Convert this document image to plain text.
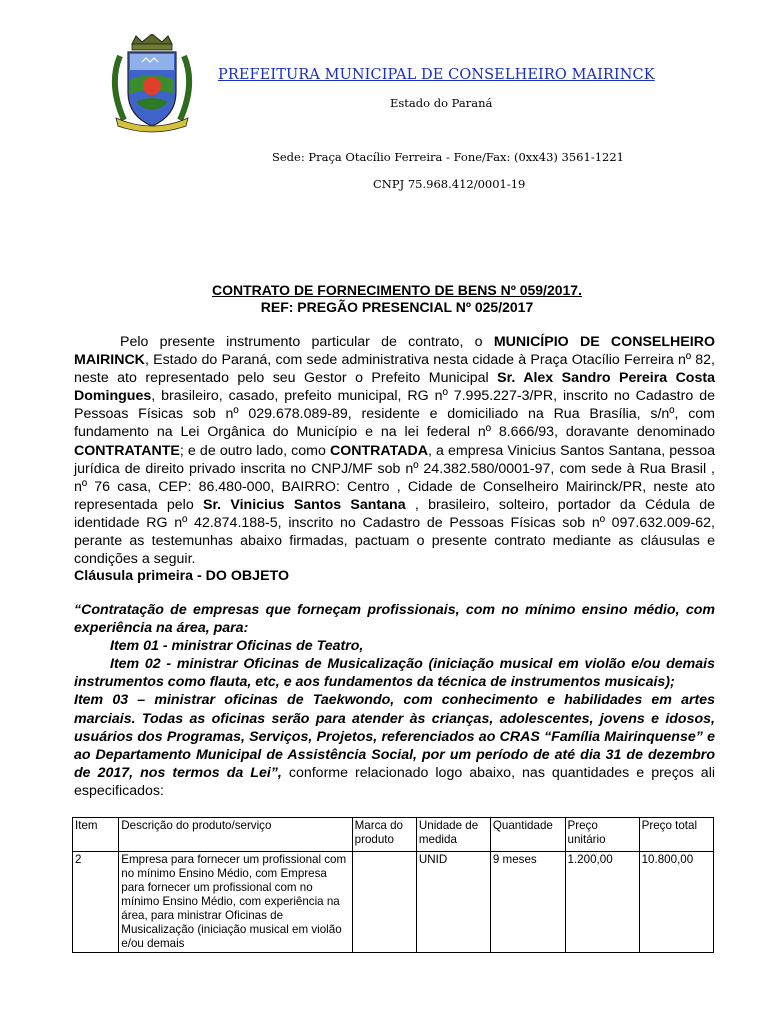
PREFEITURA MUNICIPAL DE CONSELHEIRO MAIRINCK
Estado do Paraná
Sede: Praça Otacílio Ferreira - Fone/Fax: (0xx43) 3561-1221
CNPJ 75.968.412/0001-19
CONTRATO DE FORNECIMENTO DE BENS Nº 059/2017.
REF: PREGÃO PRESENCIAL Nº 025/2017
Pelo presente instrumento particular de contrato, o MUNICÍPIO DE CONSELHEIRO MAIRINCK, Estado do Paraná, com sede administrativa nesta cidade à Praça Otacílio Ferreira nº 82, neste ato representado pelo seu Gestor o Prefeito Municipal Sr. Alex Sandro Pereira Costa Domingues, brasileiro, casado, prefeito municipal, RG nº 7.995.227-3/PR, inscrito no Cadastro de Pessoas Físicas sob nº 029.678.089-89, residente e domiciliado na Rua Brasília, s/nº, com fundamento na Lei Orgânica do Município e na lei federal nº 8.666/93, doravante denominado CONTRATANTE; e de outro lado, como CONTRATADA, a empresa Vinicius Santos Santana, pessoa jurídica de direito privado inscrita no CNPJ/MF sob nº 24.382.580/0001-97, com sede à Rua Brasil , nº 76 casa, CEP: 86.480-000, BAIRRO: Centro , Cidade de Conselheiro Mairinck/PR, neste ato representada pelo Sr. Vinicius Santos Santana , brasileiro, solteiro, portador da Cédula de identidade RG nº 42.874.188-5, inscrito no Cadastro de Pessoas Físicas sob nº 097.632.009-62, perante as testemunhas abaixo firmadas, pactuam o presente contrato mediante as cláusulas e condições a seguir.
Cláusula primeira - DO OBJETO
“Contratação de empresas que forneçam profissionais, com no mínimo ensino médio, com experiência na área, para:
Item 01 - ministrar Oficinas de Teatro,
Item 02 - ministrar Oficinas de Musicalização (iniciação musical em violão e/ou demais instrumentos como flauta, etc, e aos fundamentos da técnica de instrumentos musicais);
Item 03 – ministrar oficinas de Taekwondo, com conhecimento e habilidades em artes marciais. Todas as oficinas serão para atender às crianças, adolescentes, jovens e idosos, usuários dos Programas, Serviços, Projetos, referenciados ao CRAS “Família Mairinquense” e ao Departamento Municipal de Assistência Social, por um período de até dia 31 de dezembro de 2017, nos termos da Lei”, conforme relacionado logo abaixo, nas quantidades e preços ali especificados:
Item	Descrição do produto/serviço	Marca do produto	Unidade de medida	Quantidade	Preço unitário	Preço total
2	Empresa para fornecer um profissional com no mínimo Ensino Médio, com Empresa para fornecer um profissional com no mínimo Ensino Médio, com experiência na área, para ministrar Oficinas de Musicalização (iniciação musical em violão e/ou demais		UNID	9 meses	1.200,00	10.800,00
